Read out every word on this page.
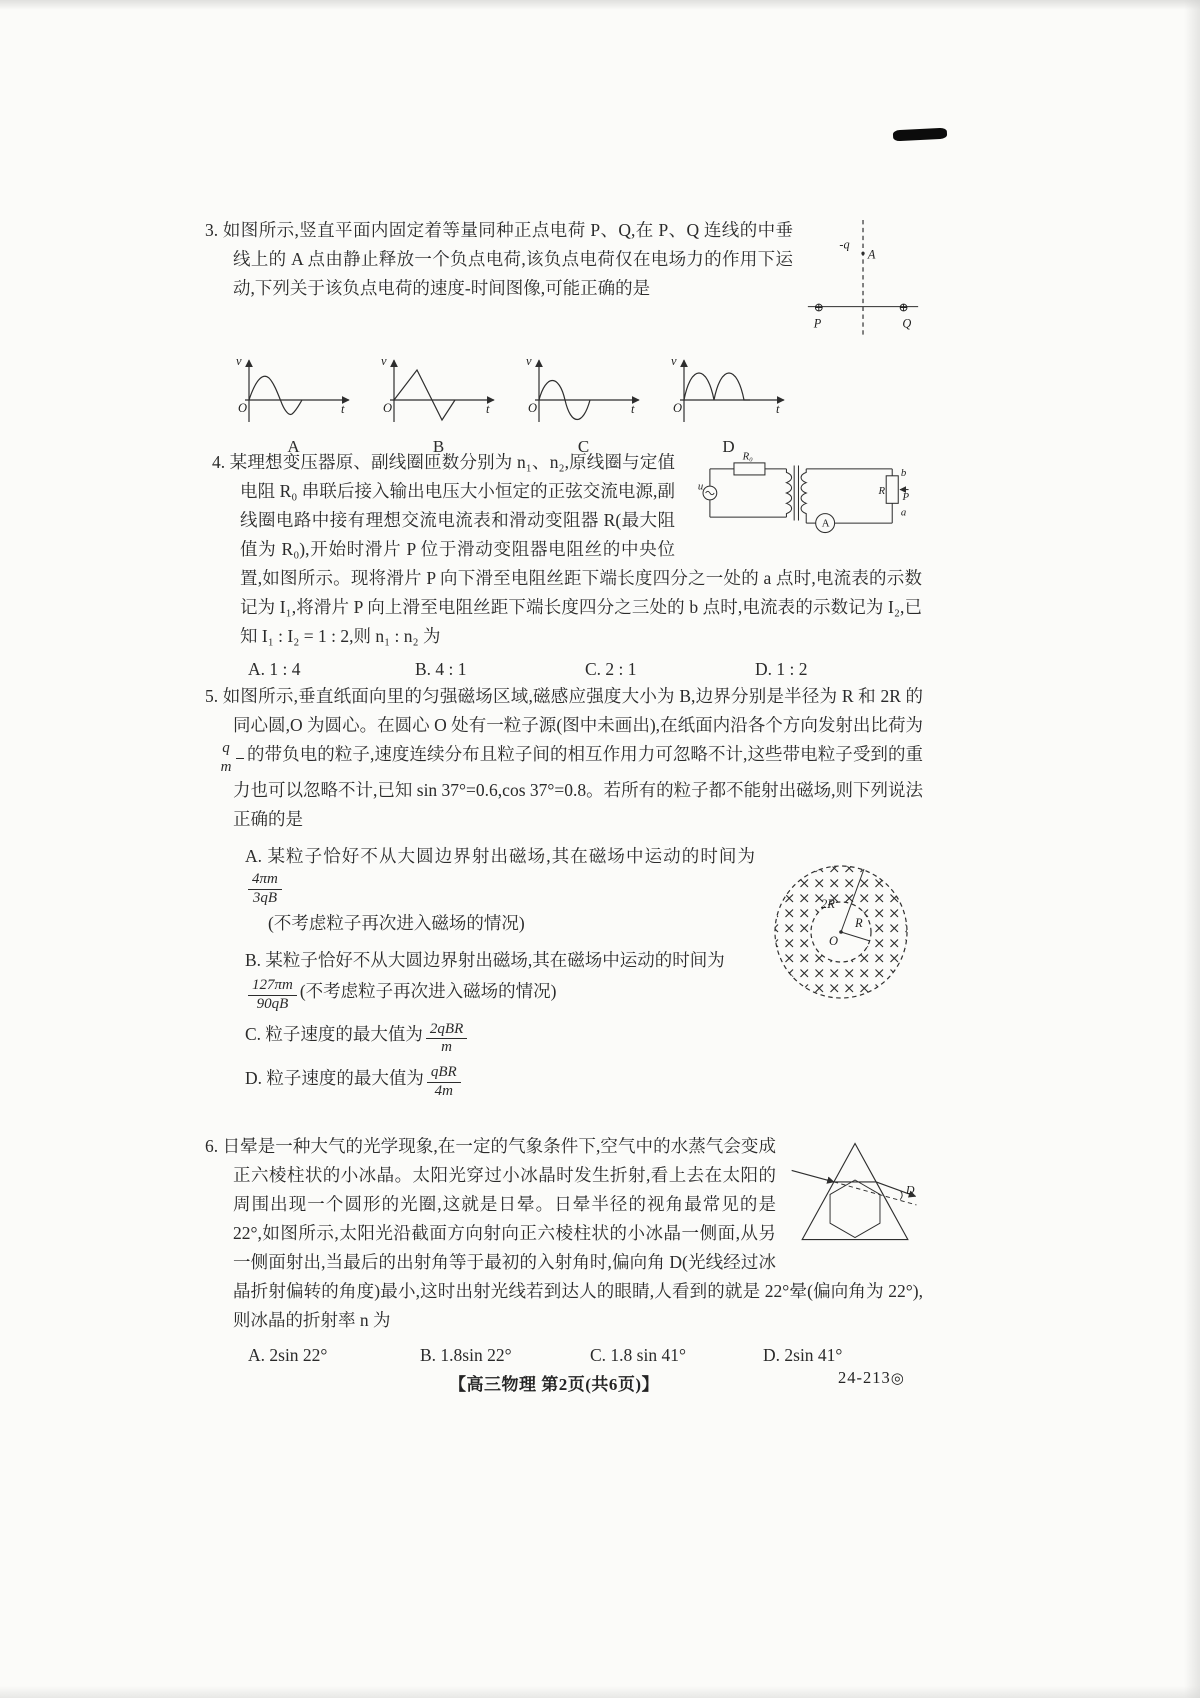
-q
A
⊕	⊕
P	Q

3. 如图所示,竖直平面内固定着等量同种正点电荷 P、Q,在 P、Q 连线的中垂线上的 A 点由静止释放一个负点电荷,该负点电荷仅在电场力的作用下运动,下列关于该负点电荷的速度-时间图像,可能正确的是

v
O	t
A
v
O	t
B
v
O	t
C
v
O	t
D
u
R₀
A
R
b
P
a

4. 某理想变压器原、副线圈匝数分别为 n₁、n₂,原线圈与定值电阻 R₀ 串联后接入输出电压大小恒定的正弦交流电源,副线圈电路中接有理想交流电流表和滑动变阻器 R(最大阻值为 R₀),开始时滑片 P 位于滑动变阻器电阻丝的中央位置,如图所示。现将滑片 P 向下滑至电阻丝距下端长度四分之一处的 a 点时,电流表的示数记为 I₁,将滑片 P 向上滑至电阻丝距下端长度四分之三处的 b 点时,电流表的示数记为 I₂,已知 I₁ : I₂ = 1 : 2,则 n₁ : n₂ 为

A. 1 : 4	B. 4 : 1	C. 2 : 1	D. 1 : 2

5. 如图所示,垂直纸面向里的匀强磁场区域,磁感应强度大小为 B,边界分别是半径为 R 和 2R 的同心圆,O 为圆心。在圆心 O 处有一粒子源(图中未画出),在纸面内沿各个方向发射出比荷为
$\frac{q}{m}$ 的带负电的粒子,速度连续分布且粒子间的相互作用力可忽略不计,这些带电粒子受到的重力也可以忽略不计,已知 sin 37°=0.6,cos 37°=0.8。若所有的粒子都不能射出磁场,则下列说法正确的是

2R
R
O
A. 某粒子恰好不从大圆边界射出磁场,其在磁场中运动的时间为
$\frac{4\pi m}{3qB}$
(不考虑粒子再次进入磁场的情况)
B. 某粒子恰好不从大圆边界射出磁场,其在磁场中运动的时间为
$\frac{127\pi m}{90qB}$ (不考虑粒子再次进入磁场的情况)
C. 粒子速度的最大值为 $\frac{\text{2qBR}}{m}$
D. 粒子速度的最大值为 $\frac{\text{qBR}}{4m}$
D

6. 日晕是一种大气的光学现象,在一定的气象条件下,空气中的水蒸气会变成正六棱柱状的小冰晶。太阳光穿过小冰晶时发生折射,看上去在太阳的周围出现一个圆形的光圈,这就是日晕。日晕半径的视角最常见的是 22°,如图所示,太阳光沿截面方向射向正六棱柱状的小冰晶一侧面,从另一侧面射出,当最后的出射角等于最初的入射角时,偏向角 D(光线经过冰晶折射偏转的角度)最小,这时出射光线若到达人的眼睛,人看到的就是 22°晕(偏向角为 22°),则冰晶的折射率 n 为

A. 2sin 22°	B. 1.8sin 22°	C. 1.8 sin 41°	D. 2sin 41°
【高三物理 第2页(共6页)】	24-213◎
